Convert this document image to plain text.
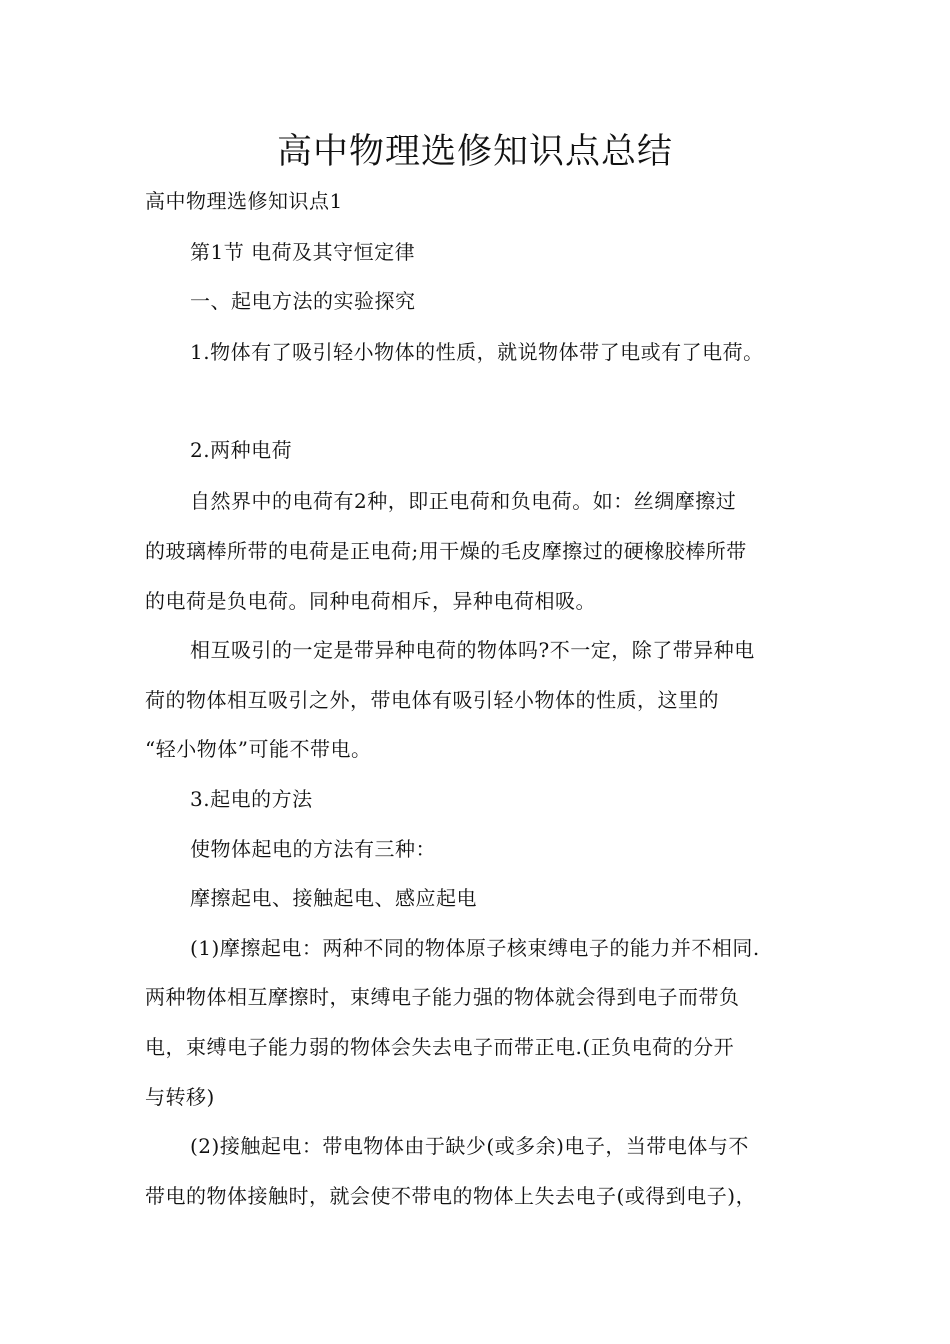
高中物理选修知识点总结
高中物理选修知识点1
第1节 电荷及其守恒定律
一、起电方法的实验探究
1.物体有了吸引轻小物体的性质，就说物体带了电或有了电荷。
2.两种电荷
自然界中的电荷有2种，即正电荷和负电荷。如：丝绸摩擦过
的玻璃棒所带的电荷是正电荷;用干燥的毛皮摩擦过的硬橡胶棒所带
的电荷是负电荷。同种电荷相斥，异种电荷相吸。
相互吸引的一定是带异种电荷的物体吗?不一定，除了带异种电
荷的物体相互吸引之外，带电体有吸引轻小物体的性质，这里的
“轻小物体”可能不带电。
3.起电的方法
使物体起电的方法有三种：
摩擦起电、接触起电、感应起电
(1)摩擦起电：两种不同的物体原子核束缚电子的能力并不相同.
两种物体相互摩擦时，束缚电子能力强的物体就会得到电子而带负
电，束缚电子能力弱的物体会失去电子而带正电.(正负电荷的分开
与转移)
(2)接触起电：带电物体由于缺少(或多余)电子，当带电体与不
带电的物体接触时，就会使不带电的物体上失去电子(或得到电子)，
